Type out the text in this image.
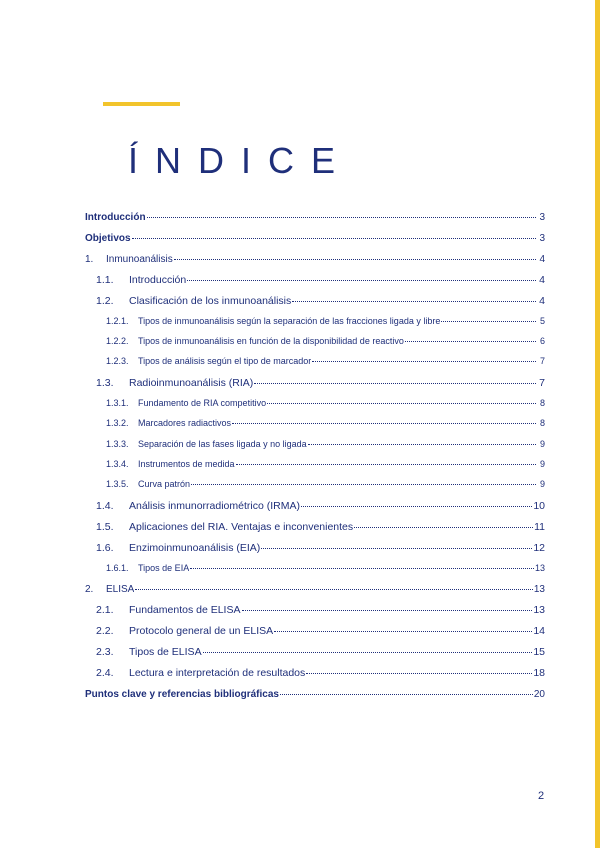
ÍNDICE
Introducción	3
Objetivos	3
1.	Inmunoanálisis	4
1.1.	Introducción	4
1.2.	Clasificación de los inmunoanálisis	4
1.2.1.	Tipos de inmunoanálisis según la separación de las fracciones ligada y libre	5
1.2.2.	Tipos de inmunoanálisis en función de la disponibilidad de reactivo	6
1.2.3.	Tipos de análisis según el tipo de marcador	7
1.3.	Radioinmunoanálisis (RIA)	7
1.3.1.	Fundamento de RIA competitivo	8
1.3.2.	Marcadores radiactivos	8
1.3.3.	Separación de las fases ligada y no ligada	9
1.3.4.	Instrumentos de medida	9
1.3.5.	Curva patrón	9
1.4.	Análisis inmunorradiométrico (IRMA)	10
1.5.	Aplicaciones del RIA. Ventajas e inconvenientes	11
1.6.	Enzimoinmunoanálisis (EIA)	12
1.6.1.	Tipos de EIA	13
2.	ELISA	13
2.1.	Fundamentos de ELISA	13
2.2.	Protocolo general de un ELISA	14
2.3.	Tipos de ELISA	15
2.4.	Lectura e interpretación de resultados	18
Puntos clave y referencias bibliográficas	20
2
